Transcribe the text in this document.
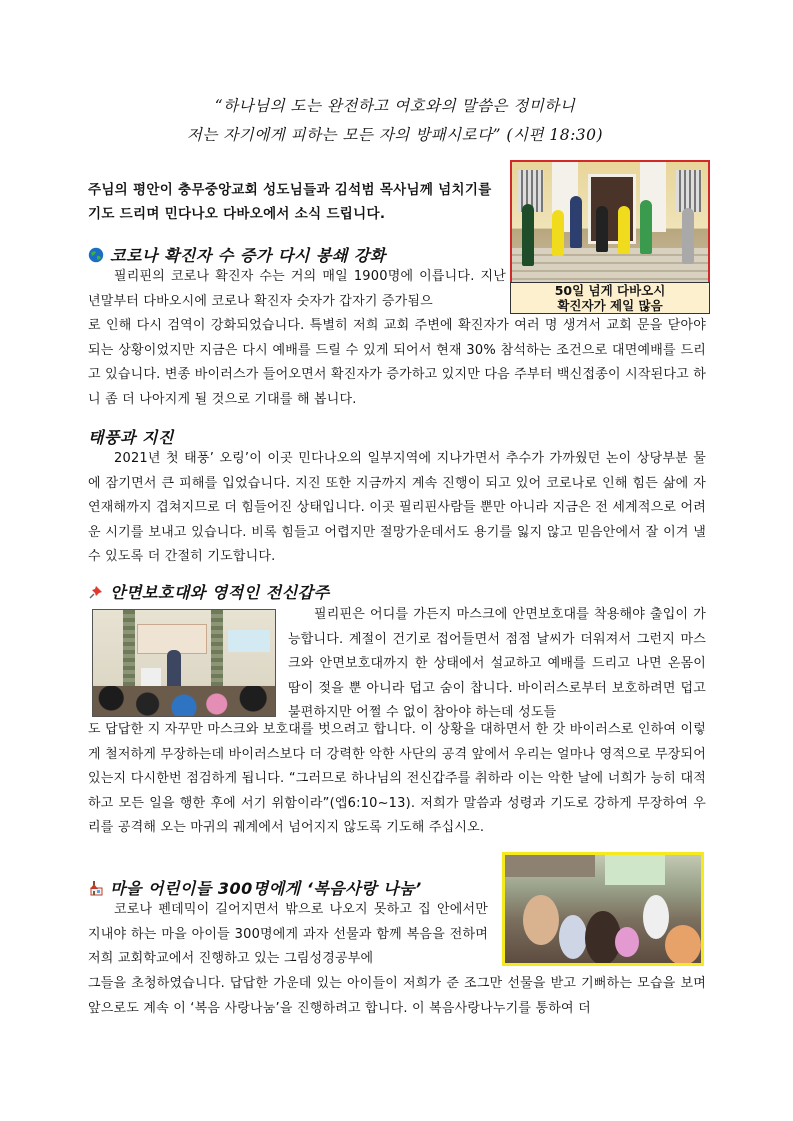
“하나님의 도는 완전하고 여호와의 말씀은 정미하니
저는 자기에게 피하는 모든 자의 방패시로다” (시편 18:30)
주님의 평안이 충무중앙교회 성도님들과 김석범 목사님께 넘치기를 기도 드리며 민다나오 다바오에서 소식 드립니다.
50일 넘게 다바오시
확진자가 제일 많음
코로나 확진자 수 증가 다시 봉쇄 강화
필리핀의 코로나 확진자 수는 거의 매일 1900명에 이릅니다. 지난 년말부터 다바오시에 코로나 확진자 숫자가 갑자기 증가됨으
로 인해 다시 검역이 강화되었습니다. 특별히 저희 교회 주변에 확진자가 여러 명 생겨서 교회 문을 닫아야 되는 상황이었지만 지금은 다시 예배를 드릴 수 있게 되어서 현재 30% 참석하는 조건으로 대면예배를 드리고 있습니다. 변종 바이러스가 들어오면서 확진자가 증가하고 있지만 다음 주부터 백신접종이 시작된다고 하니 좀 더 나아지게 될 것으로 기대를 해 봅니다.
태풍과 지진
2021년 첫 태풍’ 오링’이 이곳 민다나오의 일부지역에 지나가면서 추수가 가까웠던 논이 상당부분 물에 잠기면서 큰 피해를 입었습니다. 지진 또한 지금까지 계속 진행이 되고 있어 코로나로 인해 힘든 삶에 자연재해까지 겹쳐지므로 더 힘들어진 상태입니다. 이곳 필리핀사람들 뿐만 아니라 지금은 전 세계적으로 어려운 시기를 보내고 있습니다. 비록 힘들고 어렵지만 절망가운데서도 용기를 잃지 않고 믿음안에서 잘 이겨 낼 수 있도록 더 간절히 기도합니다.
안면보호대와 영적인 전신갑주
필리핀은 어디를 가든지 마스크에 안면보호대를 착용해야 출입이 가능합니다. 계절이 건기로 접어들면서 점점 날씨가 더워져서 그런지 마스크와 안면보호대까지 한 상태에서 설교하고 예배를 드리고 나면 온몸이 땀이 젖을 뿐 아니라 덥고 숨이 찹니다. 바이러스로부터 보호하려면 덥고 불편하지만 어쩔 수 없이 참아야 하는데 성도들
도 답답한 지 자꾸만 마스크와 보호대를 벗으려고 합니다. 이 상황을 대하면서 한 갓 바이러스로 인하여 이렇게 철저하게 무장하는데 바이러스보다 더 강력한 악한 사단의 공격 앞에서 우리는 얼마나 영적으로 무장되어 있는지 다시한번 점검하게 됩니다. “그러므로 하나님의 전신갑주를 취하라 이는 악한 날에 너희가 능히 대적하고 모든 일을 행한 후에 서기 위함이라”(엡6:10~13). 저희가 말씀과 성령과 기도로 강하게 무장하여 우리를 공격해 오는 마귀의 궤계에서 넘어지지 않도록 기도해 주십시오.
마을 어린이들 300명에게 ‘복음사랑 나눔’
코로나 펜데믹이 길어지면서 밖으로 나오지 못하고 집 안에서만 지내야 하는 마을 아이들 300명에게 과자 선물과 함께 복음을 전하며 저희 교회학교에서 진행하고 있는 그림성경공부에
그들을 초청하였습니다. 답답한 가운데 있는 아이들이 저희가 준 조그만 선물을 받고 기뻐하는 모습을 보며 앞으로도 계속 이 ‘복음 사랑나눔’을 진행하려고 합니다. 이 복음사랑나누기를 통하여 더
